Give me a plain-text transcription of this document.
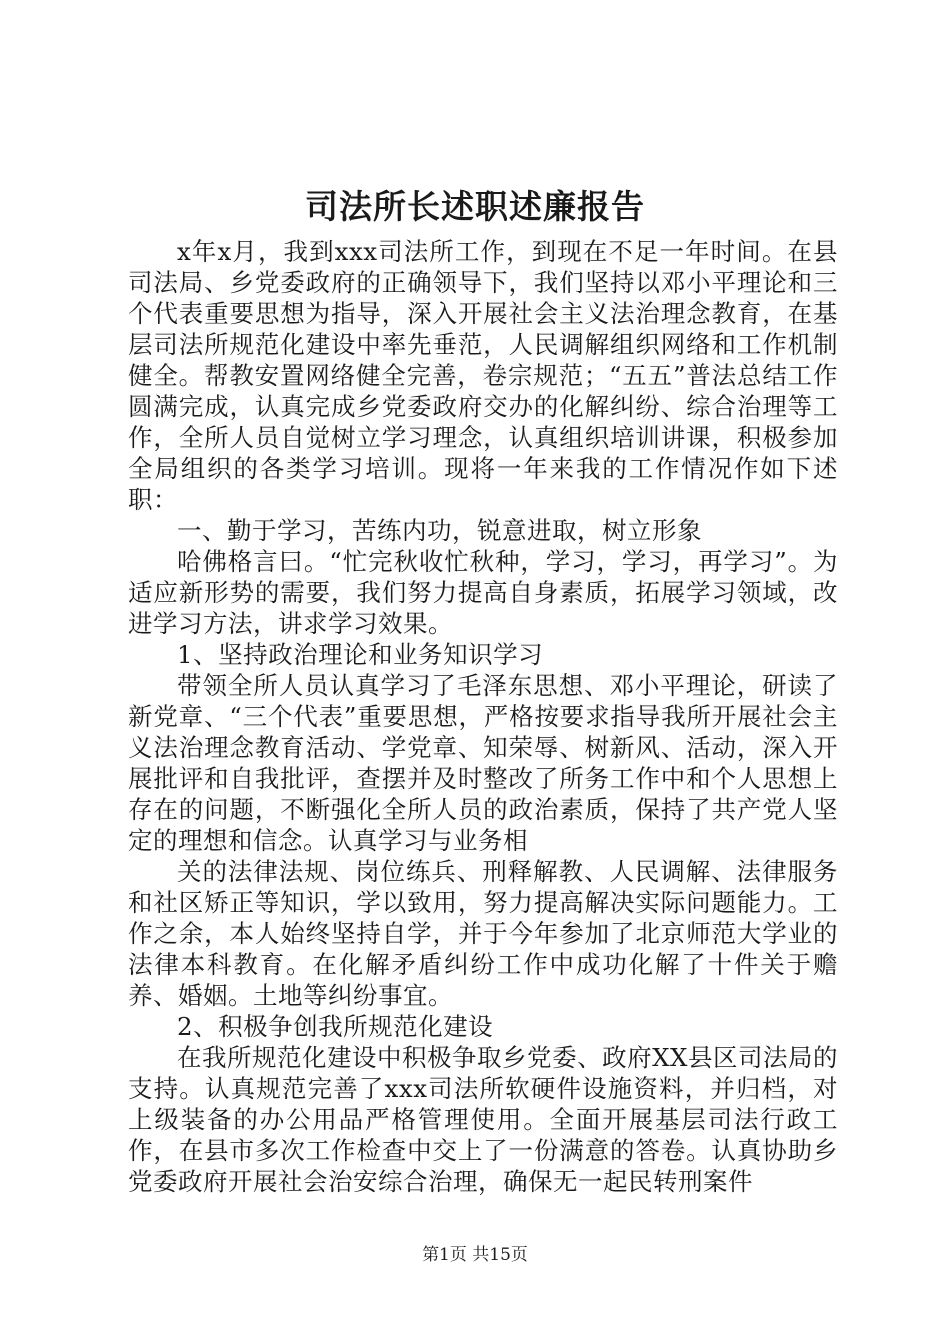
司法所长述职述廉报告

x年x月，我到xxx司法所工作，到现在不足一年时间。在县司法局、乡党委政府的正确领导下，我们坚持以邓小平理论和三个代表重要思想为指导，深入开展社会主义法治理念教育，在基层司法所规范化建设中率先垂范，人民调解组织网络和工作机制健全。帮教安置网络健全完善，卷宗规范；“五五”普法总结工作圆满完成，认真完成乡党委政府交办的化解纠纷、综合治理等工作，全所人员自觉树立学习理念，认真组织培训讲课，积极参加全局组织的各类学习培训。现将一年来我的工作情况作如下述职：

一、勤于学习，苦练内功，锐意进取，树立形象

哈佛格言曰。“忙完秋收忙秋种，学习，学习，再学习”。为适应新形势的需要，我们努力提高自身素质，拓展学习领域，改进学习方法，讲求学习效果。

1、坚持政治理论和业务知识学习

带领全所人员认真学习了毛泽东思想、邓小平理论，研读了新党章、“三个代表”重要思想，严格按要求指导我所开展社会主义法治理念教育活动、学党章、知荣辱、树新风、活动，深入开展批评和自我批评，查摆并及时整改了所务工作中和个人思想上存在的问题，不断强化全所人员的政治素质，保持了共产党人坚定的理想和信念。认真学习与业务相

关的法律法规、岗位练兵、刑释解教、人民调解、法律服务和社区矫正等知识，学以致用，努力提高解决实际问题能力。工作之余，本人始终坚持自学，并于今年参加了北京师范大学业的法律本科教育。在化解矛盾纠纷工作中成功化解了十件关于赡养、婚姻。土地等纠纷事宜。

2、积极争创我所规范化建设

在我所规范化建设中积极争取乡党委、政府XX县区司法局的支持。认真规范完善了xxx司法所软硬件设施资料，并归档，对上级装备的办公用品严格管理使用。全面开展基层司法行政工作，在县市多次工作检查中交上了一份满意的答卷。认真协助乡党委政府开展社会治安综合治理，确保无一起民转刑案件

第1页 共15页
